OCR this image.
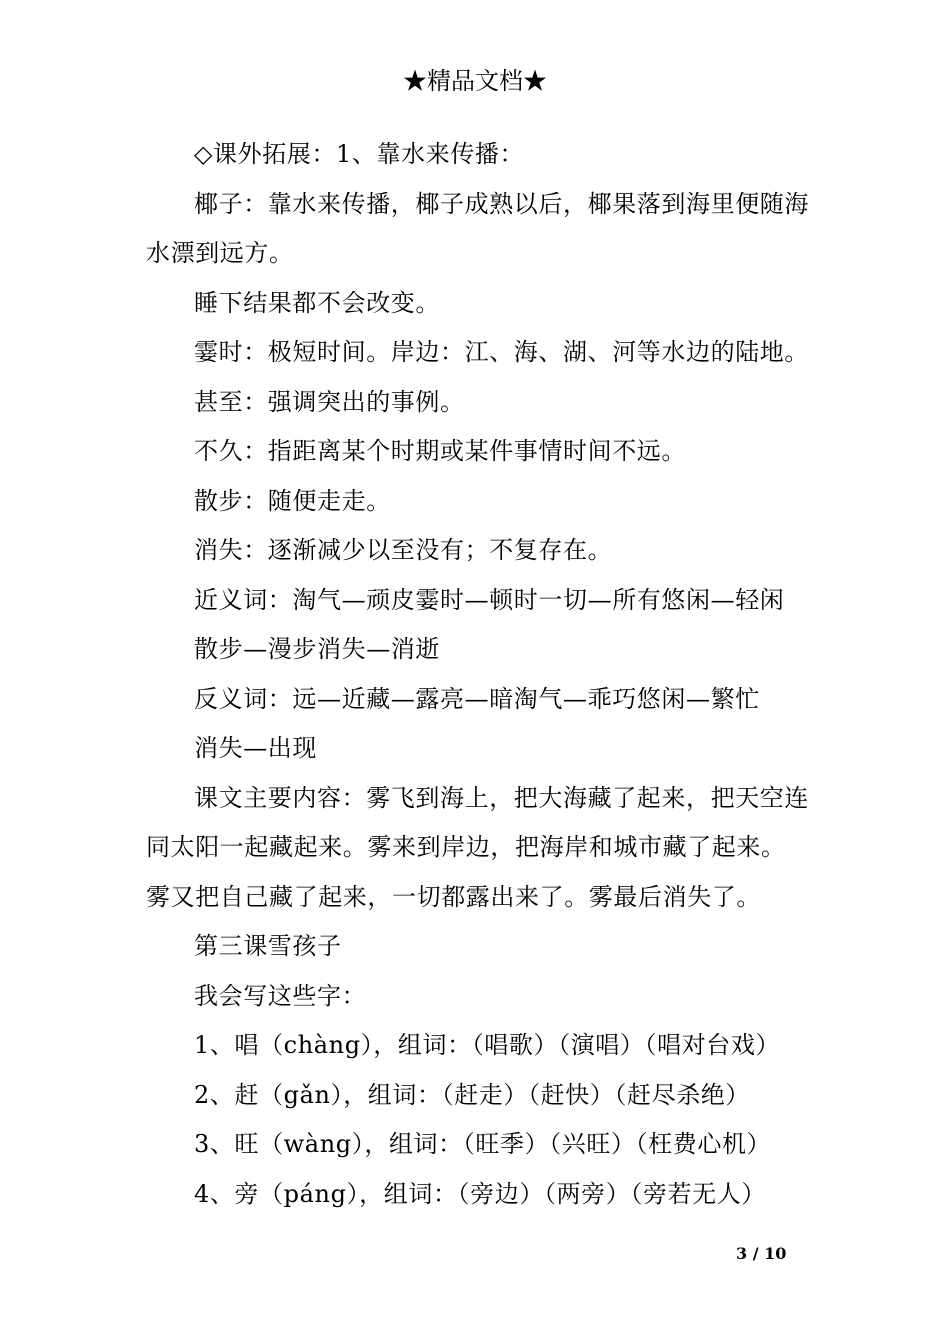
★精品文档★

◇课外拓展：1、靠水来传播：

椰子：靠水来传播，椰子成熟以后，椰果落到海里便随海水漂到远方。

睡下结果都不会改变。

霎时：极短时间。岸边：江、海、湖、河等水边的陆地。

甚至：强调突出的事例。

不久：指距离某个时期或某件事情时间不远。

散步：随便走走。

消失：逐渐减少以至没有；不复存在。

近义词：淘气—顽皮霎时—顿时一切—所有悠闲—轻闲

散步—漫步消失—消逝

反义词：远—近藏—露亮—暗淘气—乖巧悠闲—繁忙

消失—出现

课文主要内容：雾飞到海上，把大海藏了起来，把天空连同太阳一起藏起来。雾来到岸边，把海岸和城市藏了起来。雾又把自己藏了起来，一切都露出来了。雾最后消失了。

第三课雪孩子

我会写这些字：

1、唱（chàng），组词：（唱歌）（演唱）（唱对台戏）

2、赶（gǎn），组词：（赶走）（赶快）（赶尽杀绝）

3、旺（wàng），组词：（旺季）（兴旺）（枉费心机）

4、旁（páng），组词：（旁边）（两旁）（旁若无人）

3 / 10
